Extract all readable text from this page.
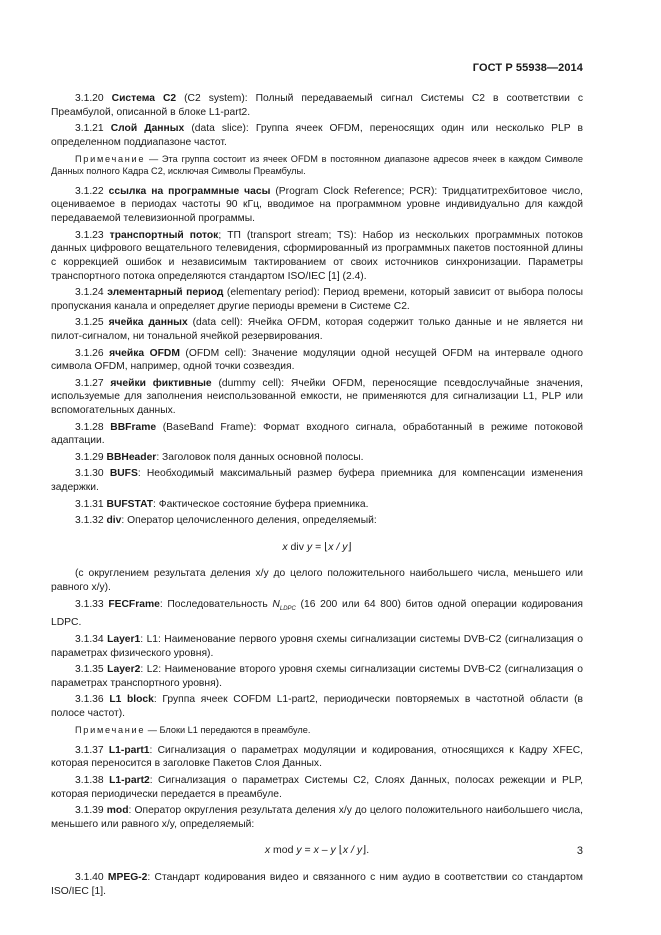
ГОСТ Р 55938—2014

3.1.20 Система С2 (C2 system): Полный передаваемый сигнал Системы С2 в соответствии с Преамбулой, описанной в блоке L1-part2.

3.1.21 Слой Данных (data slice): Группа ячеек OFDM, переносящих один или несколько PLP в определенном поддиапазоне частот.

Примечание — Эта группа состоит из ячеек OFDM в постоянном диапазоне адресов ячеек в каждом Символе Данных полного Кадра С2, исключая Символы Преамбулы.

3.1.22 ссылка на программные часы (Program Clock Reference; PCR): Тридцатитрехбитовое число, оцениваемое в периодах частоты 90 кГц, вводимое на программном уровне индивидуально для каждой передаваемой телевизионной программы.

3.1.23 транспортный поток; ТП (transport stream; TS): Набор из нескольких программных потоков данных цифрового вещательного телевидения, сформированный из программных пакетов постоянной длины с коррекцией ошибок и независимым тактированием от своих источников синхронизации. Параметры транспортного потока определяются стандартом ISO/IEC [1] (2.4).

3.1.24 элементарный период (elementary period): Период времени, который зависит от выбора полосы пропускания канала и определяет другие периоды времени в Системе С2.

3.1.25 ячейка данных (data cell): Ячейка OFDM, которая содержит только данные и не является ни пилот-сигналом, ни тональной ячейкой резервирования.

3.1.26 ячейка OFDM (OFDM cell): Значение модуляции одной несущей OFDM на интервале одного символа OFDM, например, одной точки созвездия.

3.1.27 ячейки фиктивные (dummy cell): Ячейки OFDM, переносящие псевдослучайные значения, используемые для заполнения неиспользованной емкости, не применяются для сигнализации L1, PLP или вспомогательных данных.

3.1.28 BBFrame (BaseBand Frame): Формат входного сигнала, обработанный в режиме потоковой адаптации.

3.1.29 BBHeader: Заголовок поля данных основной полосы.

3.1.30 BUFS: Необходимый максимальный размер буфера приемника для компенсации изменения задержки.

3.1.31 BUFSTAT: Фактическое состояние буфера приемника.

3.1.32 div: Оператор целочисленного деления, определяемый:

x div y = ⌊x / y⌋

(с округлением результата деления x/y до целого положительного наибольшего числа, меньшего или равного x/y).

3.1.33 FECFrame: Последовательность $N_{LDPC}$ (16 200 или 64 800) битов одной операции кодирования LDPC.

3.1.34 Layer1: L1: Наименование первого уровня схемы сигнализации системы DVB-C2 (сигнализация о параметрах физического уровня).

3.1.35 Layer2: L2: Наименование второго уровня схемы сигнализации системы DVB-C2 (сигнализация о параметрах транспортного уровня).

3.1.36 L1 block: Группа ячеек COFDM L1-part2, периодически повторяемых в частотной области (в полосе частот).

Примечание — Блоки L1 передаются в преамбуле.

3.1.37 L1-part1: Сигнализация о параметрах модуляции и кодирования, относящихся к Кадру XFEC, которая переносится в заголовке Пакетов Слоя Данных.

3.1.38 L1-part2: Сигнализация о параметрах Системы С2, Слоях Данных, полосах режекции и PLP, которая периодически передается в преамбуле.

3.1.39 mod: Оператор округления результата деления x/y до целого положительного наибольшего числа, меньшего или равного x/y, определяемый:

x mod y = x – y ⌊x / y⌋.

3.1.40 MPEG-2: Стандарт кодирования видео и связанного с ним аудио в соответствии со стандартом ISO/IEC [1].

3
